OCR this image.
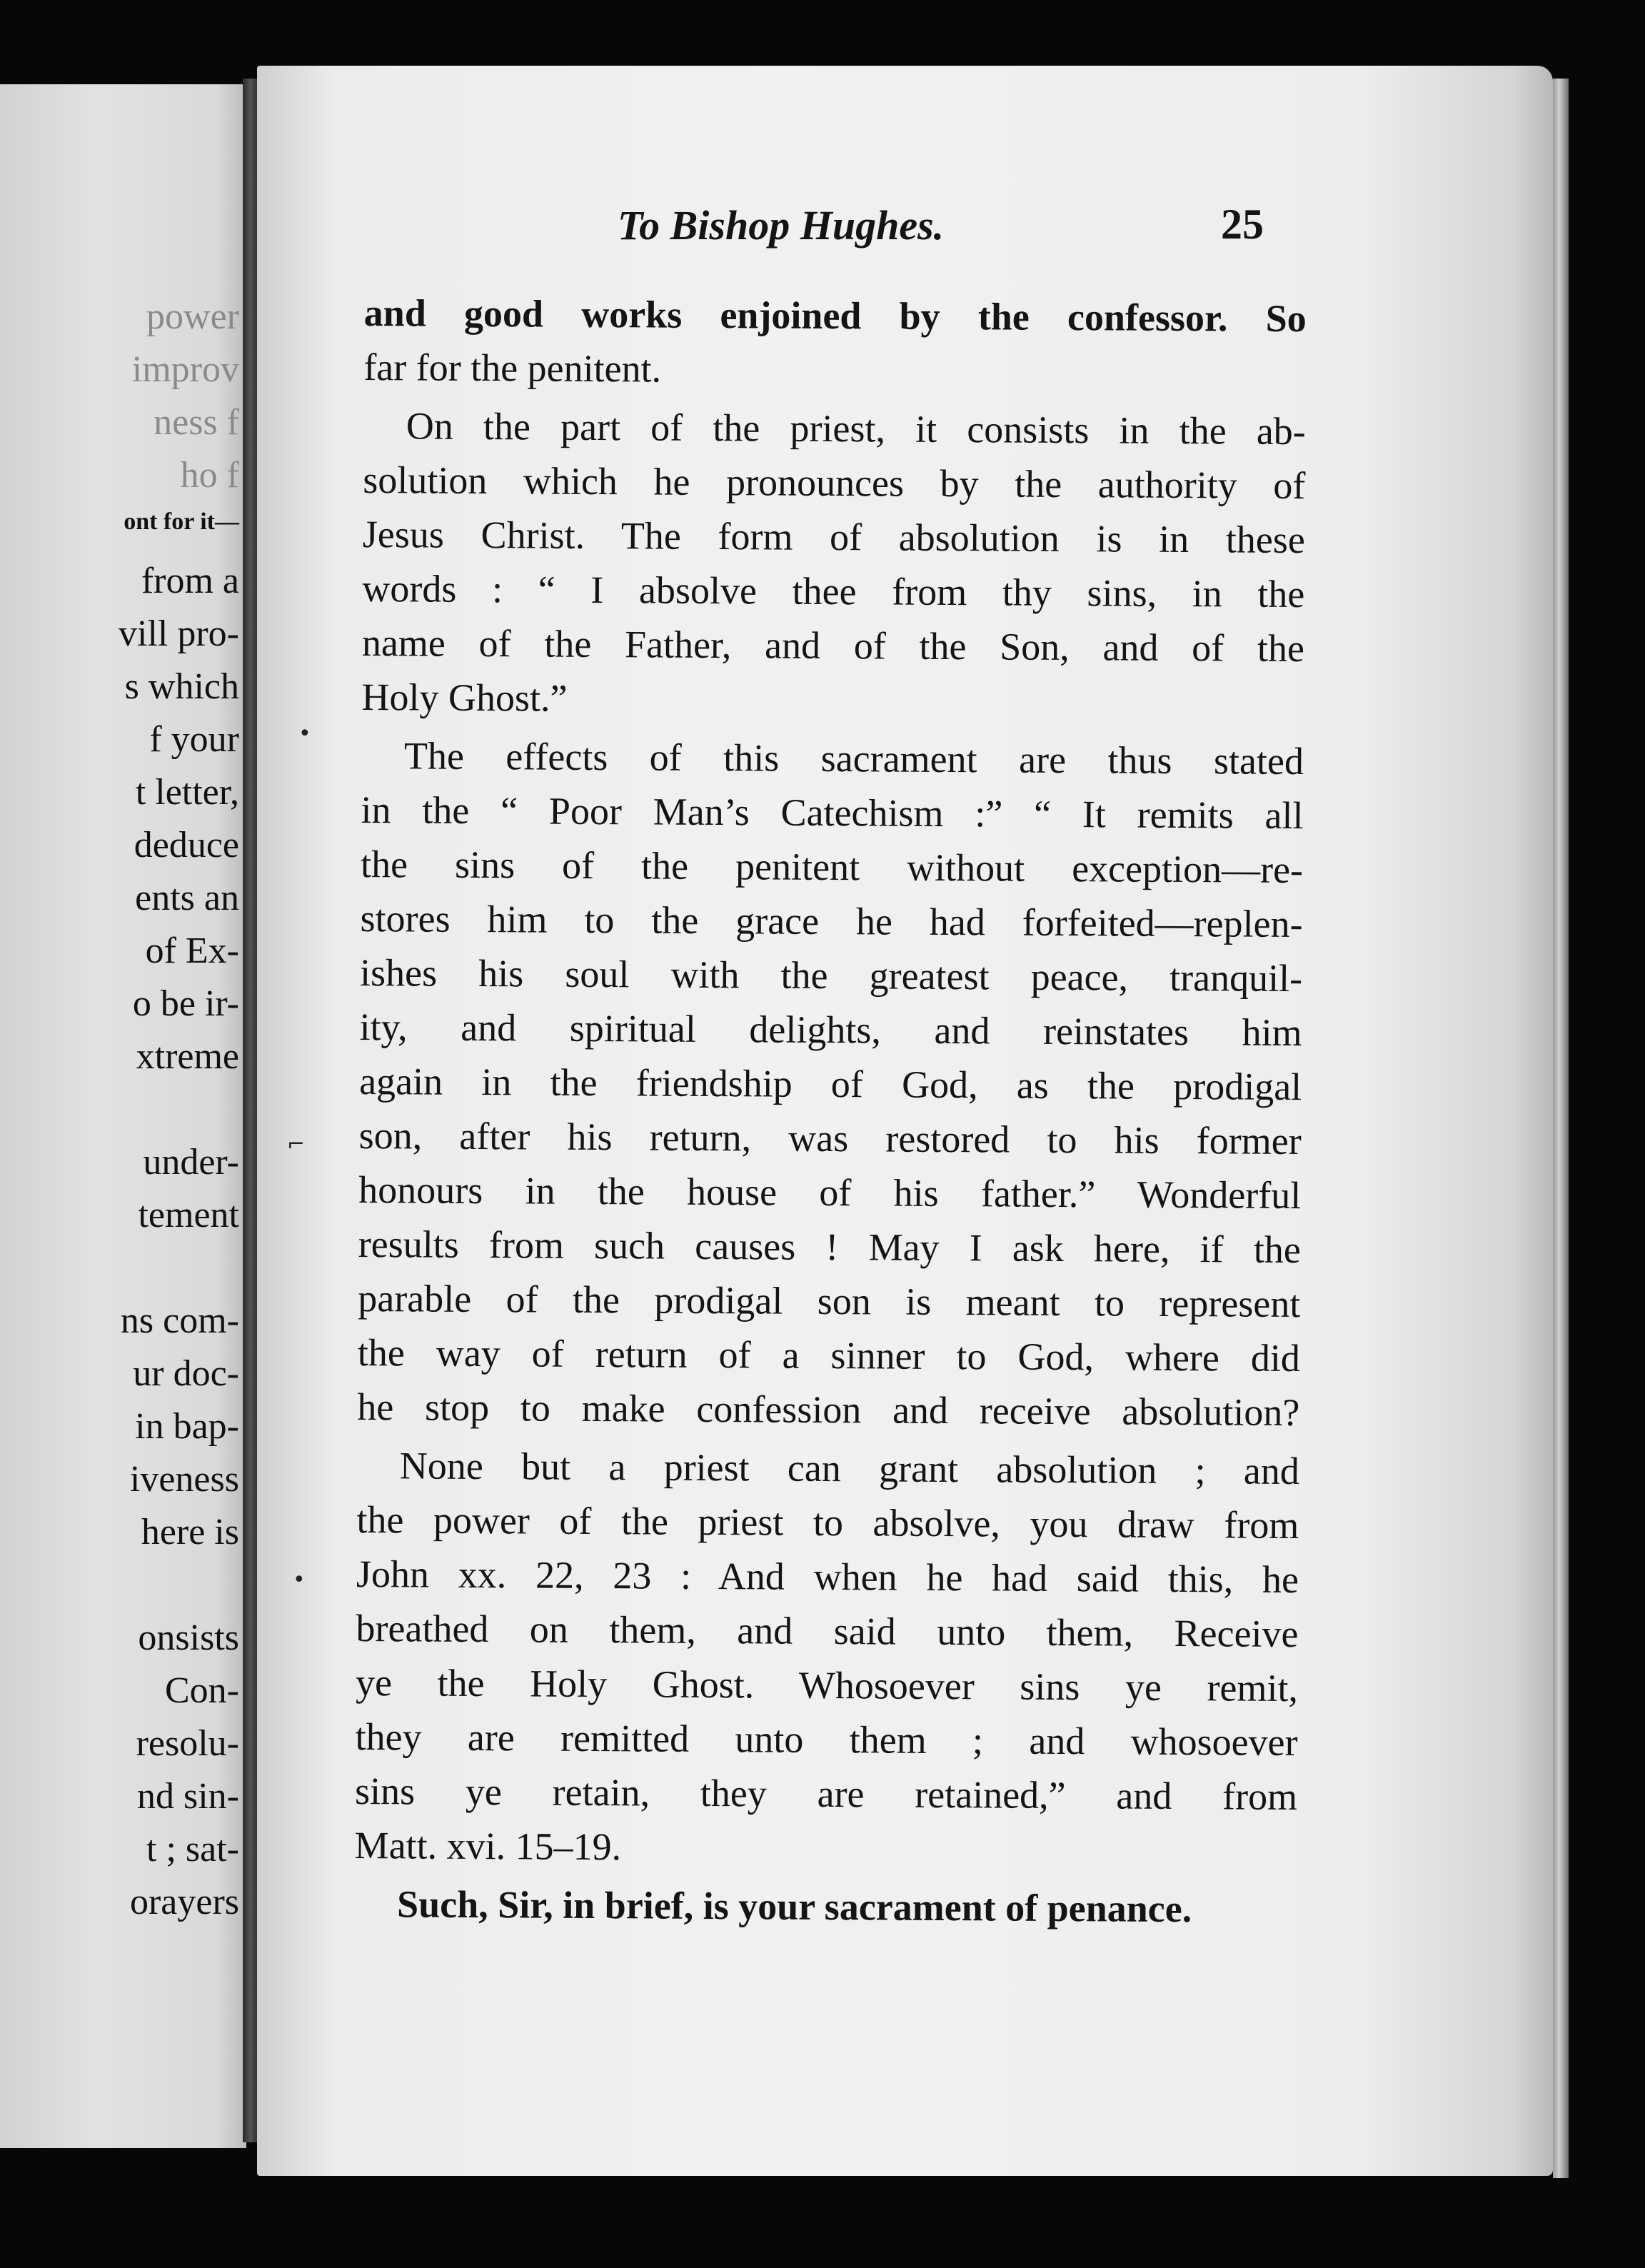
power
improv
ness f
ho f
ont for it—
from a
vill pro-
s which
f your
t letter,
deduce
ents an
of Ex-
o be ir-
xtreme
under-
tement
ns com-
ur doc-
in bap-
iveness
here is
onsists
Con-
resolu-
nd sin-
t ; sat-
orayers
To Bishop Hughes.	25
and good works enjoined by the confessor. So
far for the penitent.
On the part of the priest, it consists in the ab-
solution which he pronounces by the authority of
Jesus Christ. The form of absolution is in these
words : “ I absolve thee from thy sins, in the
name of the Father, and of the Son, and of the
Holy Ghost.”
The effects of this sacrament are thus stated
in the “ Poor Man’s Catechism :” “ It remits all
the sins of the penitent without exception—re-
stores him to the grace he had forfeited—replen-
ishes his soul with the greatest peace, tranquil-
ity, and spiritual delights, and reinstates him
again in the friendship of God, as the prodigal
son, after his return, was restored to his former
honours in the house of his father.” Wonderful
results from such causes ! May I ask here, if the
parable of the prodigal son is meant to represent
the way of return of a sinner to God, where did
he stop to make confession and receive absolution?
None but a priest can grant absolution ; and
the power of the priest to absolve, you draw from
John xx. 22, 23 : And when he had said this, he
breathed on them, and said unto them, Receive
ye the Holy Ghost. Whosoever sins ye remit,
they are remitted unto them ; and whosoever
sins ye retain, they are retained,” and from
Matt. xvi. 15–19.
Such, Sir, in brief, is your sacrament of penance.
•
⌐
•
